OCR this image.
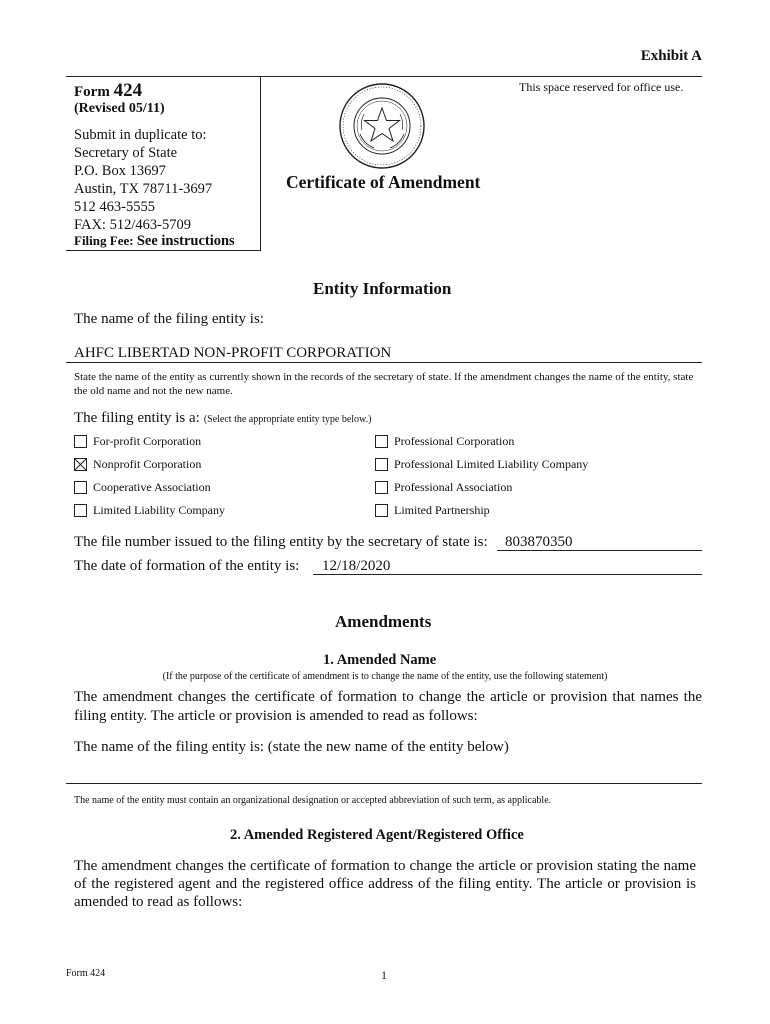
Exhibit A
Form 424
(Revised 05/11)
Submit in duplicate to:
Secretary of State
P.O. Box 13697
Austin, TX 78711-3697
512 463-5555
FAX: 512/463-5709
Filing Fee: See instructions
This space reserved for office use.
Certificate of Amendment
Entity Information
The name of the filing entity is:
AHFC LIBERTAD NON-PROFIT CORPORATION
State the name of the entity as currently shown in the records of the secretary of state. If the amendment changes the name of the entity, state the old name and not the new name.
The filing entity is a: (Select the appropriate entity type below.)
For-profit Corporation
Nonprofit Corporation
Cooperative Association
Limited Liability Company
Professional Corporation
Professional Limited Liability Company
Professional Association
Limited Partnership
The file number issued to the filing entity by the secretary of state is:	803870350
The date of formation of the entity is:	12/18/2020
Amendments
1. Amended Name
(If the purpose of the certificate of amendment is to change the name of the entity, use the following statement)
The amendment changes the certificate of formation to change the article or provision that names the filing entity. The article or provision is amended to read as follows:
The name of the filing entity is: (state the new name of the entity below)
The name of the entity must contain an organizational designation or accepted abbreviation of such term, as applicable.
2. Amended Registered Agent/Registered Office
The amendment changes the certificate of formation to change the article or provision stating the name of the registered agent and the registered office address of the filing entity. The article or provision is amended to read as follows:
Form 424	1
